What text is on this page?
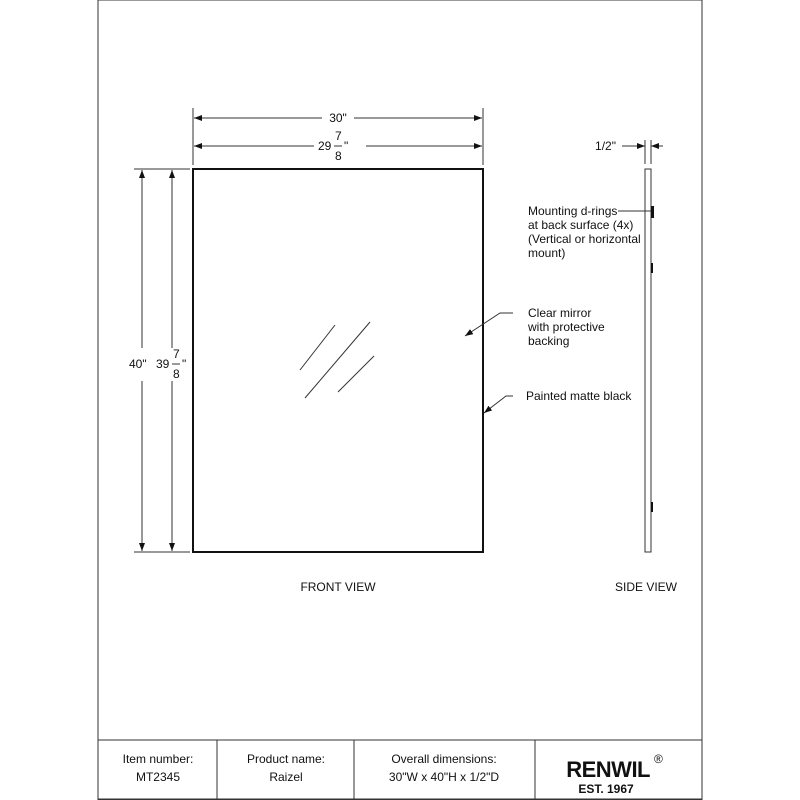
30"
29
7
8
"
40" 39
7
8
"
Clear mirror
with protective
backing
Painted matte black
1/2"
Mounting d-rings
at back surface (4x)
(Vertical or horizontal
mount)
FRONT VIEW	SIDE VIEW
Item number:
MT2345
Product name:
Raizel
Overall dimensions:
30"W x 40"H x 1/2"D	RENWIL ®
EST. 1967
